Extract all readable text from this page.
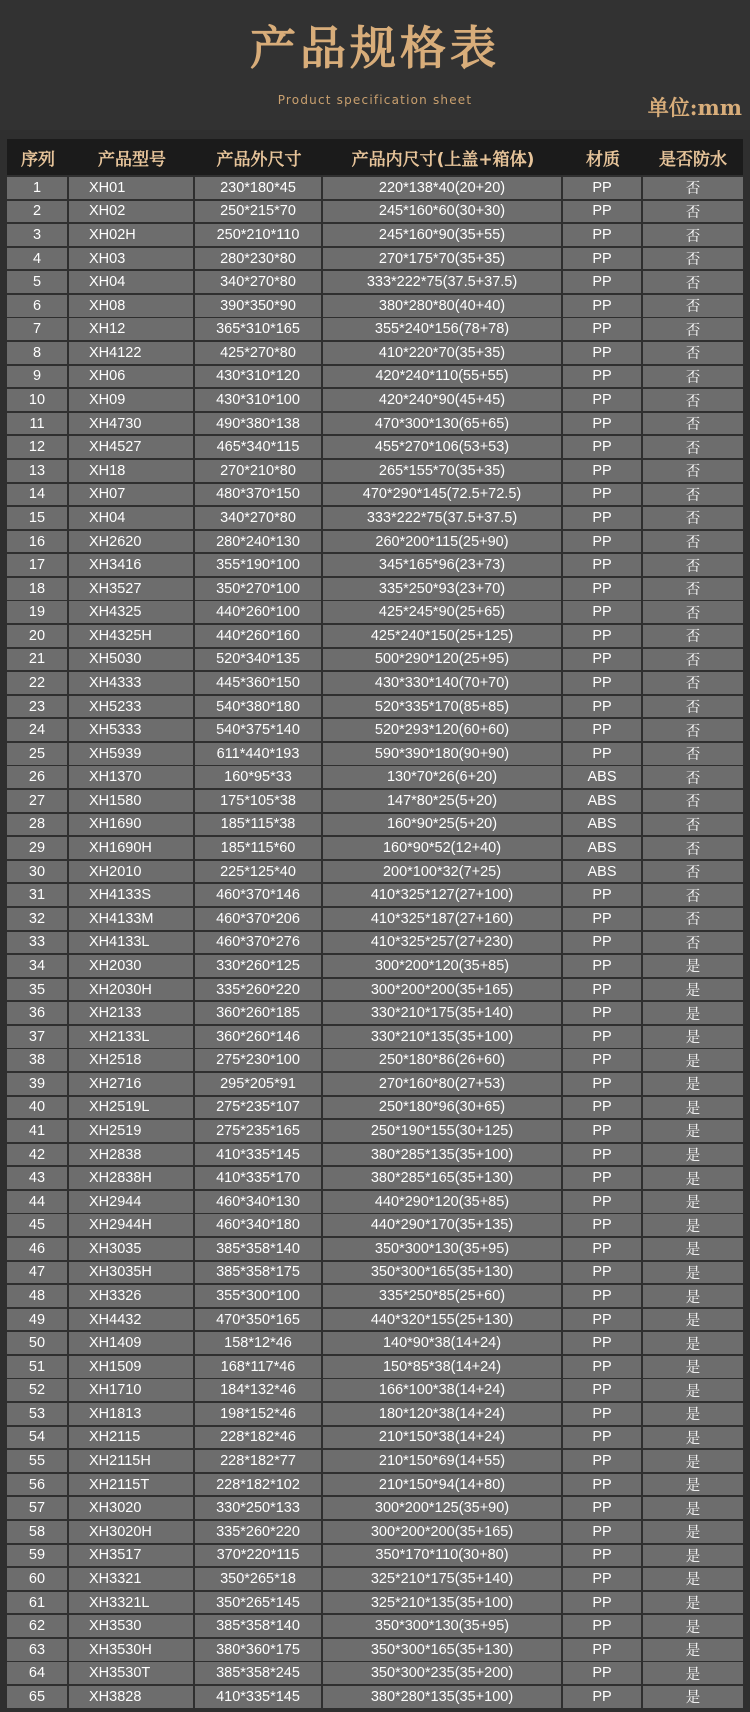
产品规格表
Product specification sheet	单位:mm
序列	产品型号	产品外尺寸	产品内尺寸(上盖+箱体)	材质	是否防水
1	XH01	230*180*45	220*138*40(20+20)	PP	否
2	XH02	250*215*70	245*160*60(30+30)	PP	否
3	XH02H	250*210*110	245*160*90(35+55)	PP	否
4	XH03	280*230*80	270*175*70(35+35)	PP	否
5	XH04	340*270*80	333*222*75(37.5+37.5)	PP	否
6	XH08	390*350*90	380*280*80(40+40)	PP	否
7	XH12	365*310*165	355*240*156(78+78)	PP	否
8	XH4122	425*270*80	410*220*70(35+35)	PP	否
9	XH06	430*310*120	420*240*110(55+55)	PP	否
10	XH09	430*310*100	420*240*90(45+45)	PP	否
11	XH4730	490*380*138	470*300*130(65+65)	PP	否
12	XH4527	465*340*115	455*270*106(53+53)	PP	否
13	XH18	270*210*80	265*155*70(35+35)	PP	否
14	XH07	480*370*150	470*290*145(72.5+72.5)	PP	否
15	XH04	340*270*80	333*222*75(37.5+37.5)	PP	否
16	XH2620	280*240*130	260*200*115(25+90)	PP	否
17	XH3416	355*190*100	345*165*96(23+73)	PP	否
18	XH3527	350*270*100	335*250*93(23+70)	PP	否
19	XH4325	440*260*100	425*245*90(25+65)	PP	否
20	XH4325H	440*260*160	425*240*150(25+125)	PP	否
21	XH5030	520*340*135	500*290*120(25+95)	PP	否
22	XH4333	445*360*150	430*330*140(70+70)	PP	否
23	XH5233	540*380*180	520*335*170(85+85)	PP	否
24	XH5333	540*375*140	520*293*120(60+60)	PP	否
25	XH5939	611*440*193	590*390*180(90+90)	PP	否
26	XH1370	160*95*33	130*70*26(6+20)	ABS	否
27	XH1580	175*105*38	147*80*25(5+20)	ABS	否
28	XH1690	185*115*38	160*90*25(5+20)	ABS	否
29	XH1690H	185*115*60	160*90*52(12+40)	ABS	否
30	XH2010	225*125*40	200*100*32(7+25)	ABS	否
31	XH4133S	460*370*146	410*325*127(27+100)	PP	否
32	XH4133M	460*370*206	410*325*187(27+160)	PP	否
33	XH4133L	460*370*276	410*325*257(27+230)	PP	否
34	XH2030	330*260*125	300*200*120(35+85)	PP	是
35	XH2030H	335*260*220	300*200*200(35+165)	PP	是
36	XH2133	360*260*185	330*210*175(35+140)	PP	是
37	XH2133L	360*260*146	330*210*135(35+100)	PP	是
38	XH2518	275*230*100	250*180*86(26+60)	PP	是
39	XH2716	295*205*91	270*160*80(27+53)	PP	是
40	XH2519L	275*235*107	250*180*96(30+65)	PP	是
41	XH2519	275*235*165	250*190*155(30+125)	PP	是
42	XH2838	410*335*145	380*285*135(35+100)	PP	是
43	XH2838H	410*335*170	380*285*165(35+130)	PP	是
44	XH2944	460*340*130	440*290*120(35+85)	PP	是
45	XH2944H	460*340*180	440*290*170(35+135)	PP	是
46	XH3035	385*358*140	350*300*130(35+95)	PP	是
47	XH3035H	385*358*175	350*300*165(35+130)	PP	是
48	XH3326	355*300*100	335*250*85(25+60)	PP	是
49	XH4432	470*350*165	440*320*155(25+130)	PP	是
50	XH1409	158*12*46	140*90*38(14+24)	PP	是
51	XH1509	168*117*46	150*85*38(14+24)	PP	是
52	XH1710	184*132*46	166*100*38(14+24)	PP	是
53	XH1813	198*152*46	180*120*38(14+24)	PP	是
54	XH2115	228*182*46	210*150*38(14+24)	PP	是
55	XH2115H	228*182*77	210*150*69(14+55)	PP	是
56	XH2115T	228*182*102	210*150*94(14+80)	PP	是
57	XH3020	330*250*133	300*200*125(35+90)	PP	是
58	XH3020H	335*260*220	300*200*200(35+165)	PP	是
59	XH3517	370*220*115	350*170*110(30+80)	PP	是
60	XH3321	350*265*18	325*210*175(35+140)	PP	是
61	XH3321L	350*265*145	325*210*135(35+100)	PP	是
62	XH3530	385*358*140	350*300*130(35+95)	PP	是
63	XH3530H	380*360*175	350*300*165(35+130)	PP	是
64	XH3530T	385*358*245	350*300*235(35+200)	PP	是
65	XH3828	410*335*145	380*280*135(35+100)	PP	是
